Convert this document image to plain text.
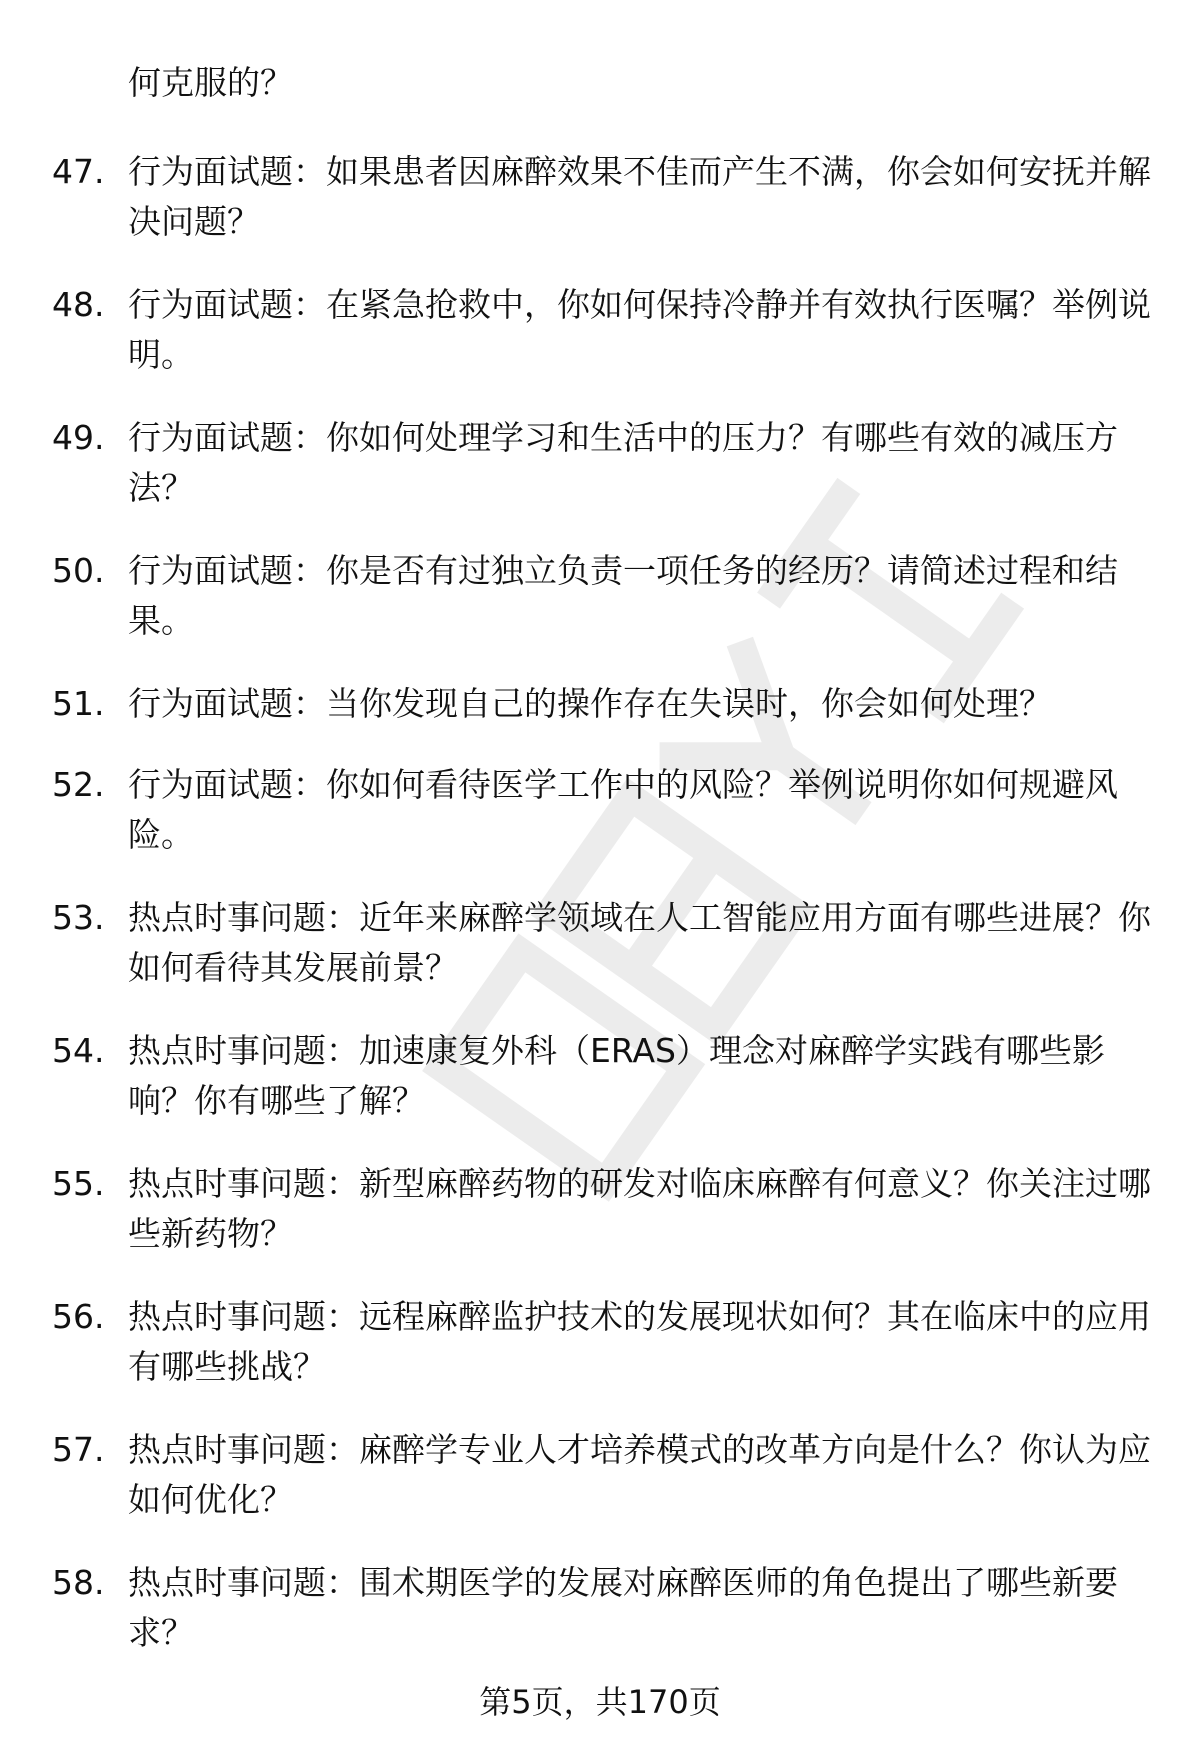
何克服的？
47. 行为面试题：如果患者因麻醉效果不佳而产生不满，你会如何安抚并解决问题？
48. 行为面试题：在紧急抢救中，你如何保持冷静并有效执行医嘱？举例说明。
49. 行为面试题：你如何处理学习和生活中的压力？有哪些有效的减压方法？
50. 行为面试题：你是否有过独立负责一项任务的经历？请简述过程和结果。
51. 行为面试题：当你发现自己的操作存在失误时，你会如何处理？
52. 行为面试题：你如何看待医学工作中的风险？举例说明你如何规避风险。
53. 热点时事问题：近年来麻醉学领域在人工智能应用方面有哪些进展？你如何看待其发展前景？
54. 热点时事问题：加速康复外科（ERAS）理念对麻醉学实践有哪些影响？你有哪些了解？
55. 热点时事问题：新型麻醉药物的研发对临床麻醉有何意义？你关注过哪些新药物？
56. 热点时事问题：远程麻醉监护技术的发展现状如何？其在临床中的应用有哪些挑战？
57. 热点时事问题：麻醉学专业人才培养模式的改革方向是什么？你认为应如何优化？
58. 热点时事问题：围术期医学的发展对麻醉医师的角色提出了哪些新要求？
第5页，共170页
